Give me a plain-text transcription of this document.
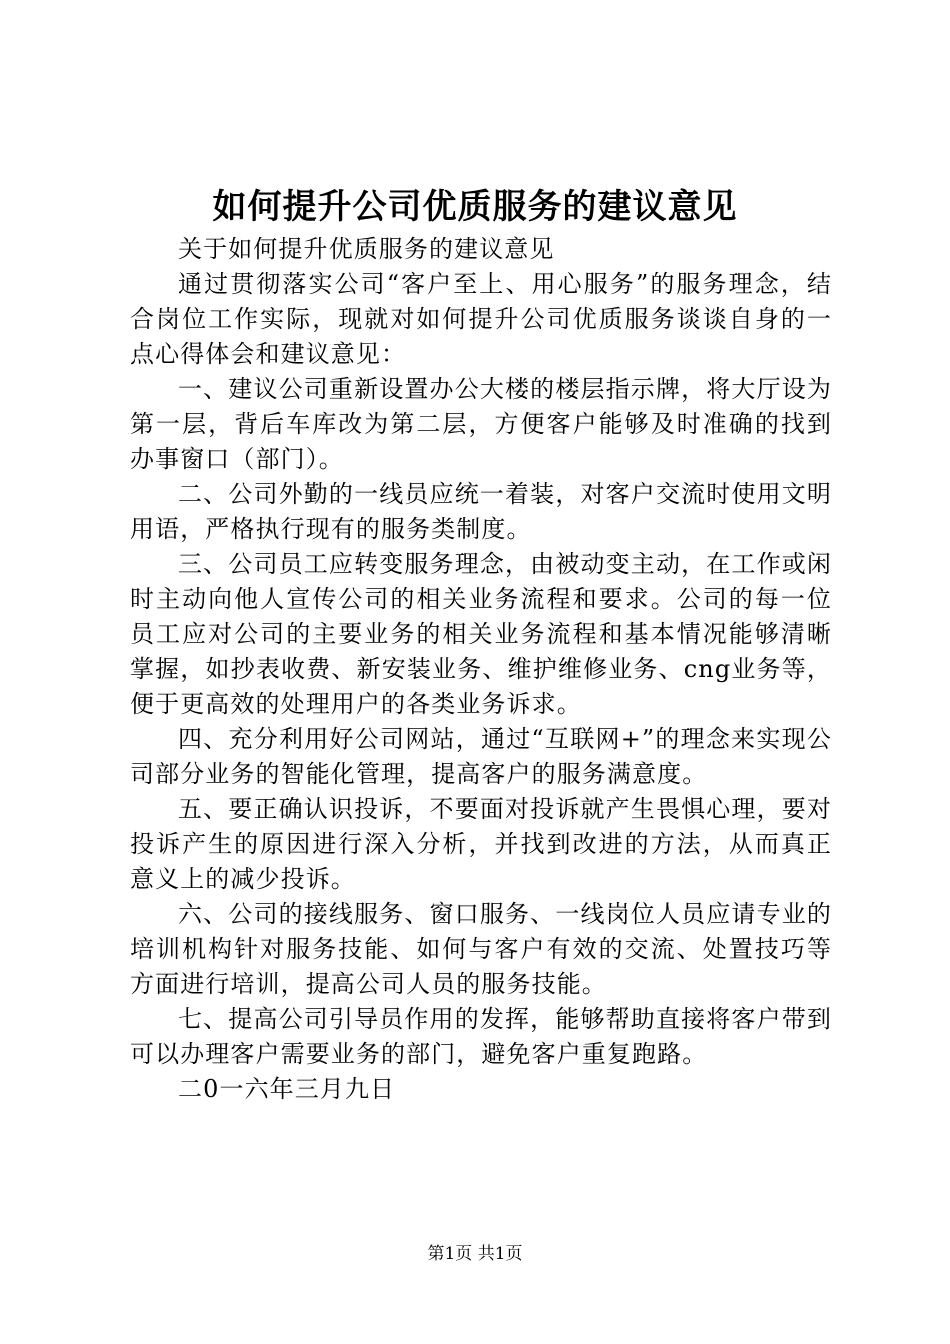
如何提升公司优质服务的建议意见

关于如何提升优质服务的建议意见

通过贯彻落实公司“客户至上、用心服务”的服务理念，结合岗位工作实际，现就对如何提升公司优质服务谈谈自身的一点心得体会和建议意见：

一、建议公司重新设置办公大楼的楼层指示牌，将大厅设为第一层，背后车库改为第二层，方便客户能够及时准确的找到办事窗口（部门）。

二、公司外勤的一线员应统一着装，对客户交流时使用文明用语，严格执行现有的服务类制度。

三、公司员工应转变服务理念，由被动变主动，在工作或闲时主动向他人宣传公司的相关业务流程和要求。公司的每一位员工应对公司的主要业务的相关业务流程和基本情况能够清晰掌握，如抄表收费、新安装业务、维护维修业务、cng业务等，便于更高效的处理用户的各类业务诉求。

四、充分利用好公司网站，通过“互联网+”的理念来实现公司部分业务的智能化管理，提高客户的服务满意度。

五、要正确认识投诉，不要面对投诉就产生畏惧心理，要对投诉产生的原因进行深入分析，并找到改进的方法，从而真正意义上的减少投诉。

六、公司的接线服务、窗口服务、一线岗位人员应请专业的培训机构针对服务技能、如何与客户有效的交流、处置技巧等方面进行培训，提高公司人员的服务技能。

七、提高公司引导员作用的发挥，能够帮助直接将客户带到可以办理客户需要业务的部门，避免客户重复跑路。

二0一六年三月九日

第1页 共1页
